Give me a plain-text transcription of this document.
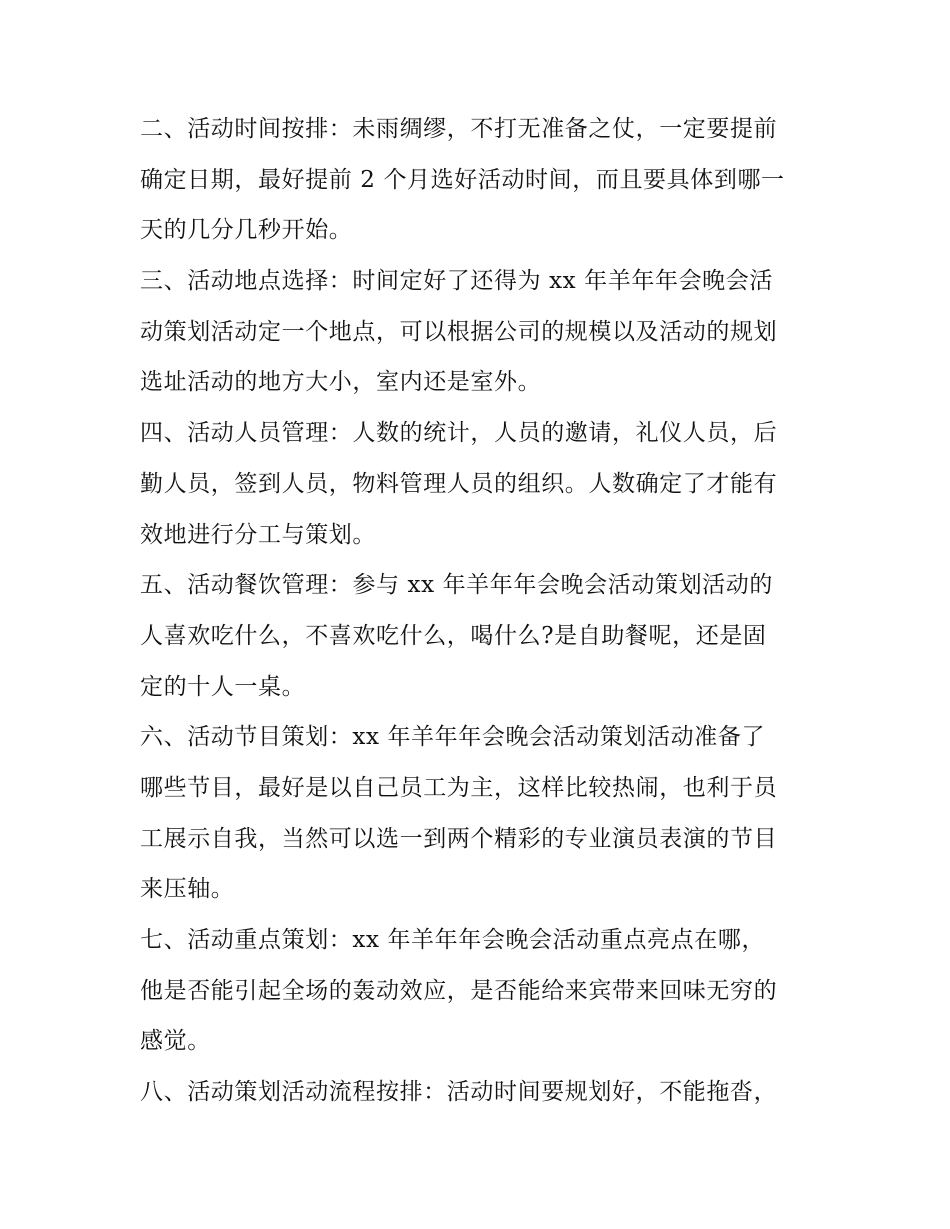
二、活动时间按排：未雨绸缪，不打无准备之仗，一定要提前
确定日期，最好提前 2 个月选好活动时间，而且要具体到哪一
天的几分几秒开始。
三、活动地点选择：时间定好了还得为 xx 年羊年年会晚会活
动策划活动定一个地点，可以根据公司的规模以及活动的规划
选址活动的地方大小，室内还是室外。
四、活动人员管理：人数的统计，人员的邀请，礼仪人员，后
勤人员，签到人员，物料管理人员的组织。人数确定了才能有
效地进行分工与策划。
五、活动餐饮管理：参与 xx 年羊年年会晚会活动策划活动的
人喜欢吃什么，不喜欢吃什么，喝什么?是自助餐呢，还是固
定的十人一桌。
六、活动节目策划：xx 年羊年年会晚会活动策划活动准备了
哪些节目，最好是以自己员工为主，这样比较热闹，也利于员
工展示自我，当然可以选一到两个精彩的专业演员表演的节目
来压轴。
七、活动重点策划：xx 年羊年年会晚会活动重点亮点在哪，
他是否能引起全场的轰动效应，是否能给来宾带来回味无穷的
感觉。
八、活动策划活动流程按排：活动时间要规划好，不能拖沓，
